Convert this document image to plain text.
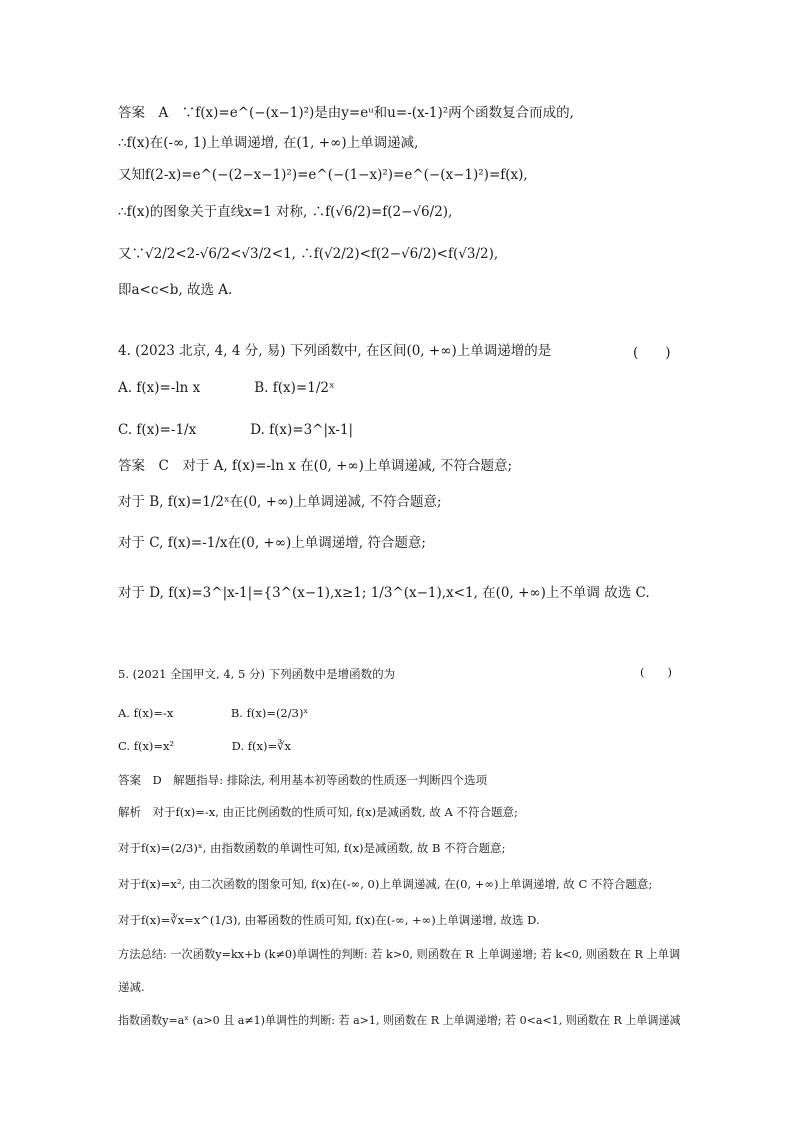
答案　A　∵f(x)=e^(−(x−1)²)是由y=eᵘ和u=-(x-1)²两个函数复合而成的,
∴f(x)在(-∞, 1)上单调递增, 在(1, +∞)上单调递减,
又知f(2-x)=e^(−(2−x−1)²)=e^(−(1−x)²)=e^(−(x−1)²)=f(x),
∴f(x)的图象关于直线x=1 对称, ∴f(√6/2)=f(2−√6/2),
又∵√2/2<2-√6/2<√3/2<1, ∴f(√2/2)<f(2−√6/2)<f(√3/2),
即a<c<b, 故选 A.
4. (2023 北京, 4, 4 分, 易) 下列函数中, 在区间(0, +∞)上单调递增的是	(　　)
A. f(x)=-ln x　　　　B. f(x)=1/2ˣ
C. f(x)=-1/x　　　　D. f(x)=3^|x-1|
答案　C　对于 A, f(x)=-ln x 在(0, +∞)上单调递减, 不符合题意;
对于 B, f(x)=1/2ˣ在(0, +∞)上单调递减, 不符合题意;
对于 C, f(x)=-1/x在(0, +∞)上单调递增, 符合题意;
对于 D, f(x)=3^|x-1|={3^(x−1),x≥1; 1/3^(x−1),x<1, 在(0, +∞)上不单调 故选 C.
5. (2021 全国甲文, 4, 5 分) 下列函数中是增函数的为	(　　)
A. f(x)=-x　　　　　B. f(x)=(2/3)ˣ
C. f(x)=x²　　　　　D. f(x)=∛x
答案　D　解题指导: 排除法, 利用基本初等函数的性质逐一判断四个选项
解析　对于f(x)=-x, 由正比例函数的性质可知, f(x)是减函数, 故 A 不符合题意;
对于f(x)=(2/3)ˣ, 由指数函数的单调性可知, f(x)是减函数, 故 B 不符合题意;
对于f(x)=x², 由二次函数的图象可知, f(x)在(-∞, 0)上单调递减, 在(0, +∞)上单调递增, 故 C 不符合题意;
对于f(x)=∛x=x^(1/3), 由幂函数的性质可知, f(x)在(-∞, +∞)上单调递增, 故选 D.
方法总结: 一次函数y=kx+b (k≠0)单调性的判断: 若 k>0, 则函数在 R 上单调递增; 若 k<0, 则函数在 R 上单调
递减.
指数函数y=aˣ (a>0 且 a≠1)单调性的判断: 若 a>1, 则函数在 R 上单调递增; 若 0<a<1, 则函数在 R 上单调递减
